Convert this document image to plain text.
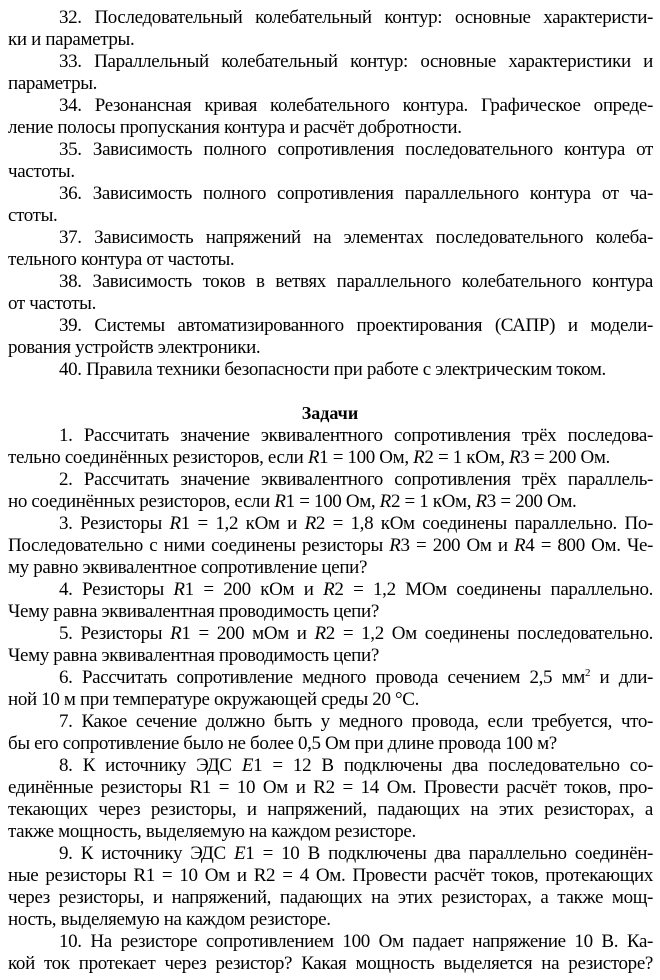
32. Последовательный колебательный контур: основные характеристи-
ки и параметры.
33. Параллельный колебательный контур: основные характеристики и
параметры.
34. Резонансная кривая колебательного контура. Графическое опреде-
ление полосы пропускания контура и расчёт добротности.
35. Зависимость полного сопротивления последовательного контура от
частоты.
36. Зависимость полного сопротивления параллельного контура от ча-
стоты.
37. Зависимость напряжений на элементах последовательного колеба-
тельного контура от частоты.
38. Зависимость токов в ветвях параллельного колебательного контура
от частоты.
39. Системы автоматизированного проектирования (САПР) и модели-
рования устройств электроники.
40. Правила техники безопасности при работе с электрическим током.
Задачи
1. Рассчитать значение эквивалентного сопротивления трёх последова-
тельно соединённых резисторов, если R1 = 100 Ом, R2 = 1 кОм, R3 = 200 Ом.
2. Рассчитать значение эквивалентного сопротивления трёх параллель-
но соединённых резисторов, если R1 = 100 Ом, R2 = 1 кОм, R3 = 200 Ом.
3. Резисторы R1 = 1,2 кОм и R2 = 1,8 кОм соединены параллельно. По-
Последовательно с ними соединены резисторы R3 = 200 Ом и R4 = 800 Ом. Че-
му равно эквивалентное сопротивление цепи?
4. Резисторы R1 = 200 кОм и R2 = 1,2 МОм соединены параллельно.
Чему равна эквивалентная проводимость цепи?
5. Резисторы R1 = 200 мОм и R2 = 1,2 Ом соединены последовательно.
Чему равна эквивалентная проводимость цепи?
6. Рассчитать сопротивление медного провода сечением 2,5 $мм^2$ и дли-
ной 10 м при температуре окружающей среды 20 °С.
7. Какое сечение должно быть у медного провода, если требуется, что-
бы его сопротивление было не более 0,5 Ом при длине провода 100 м?
8. К источнику ЭДС E1 = 12 В подключены два последовательно со-
единённые резисторы R1 = 10 Ом и R2 = 14 Ом. Провести расчёт токов, про-
текающих через резисторы, и напряжений, падающих на этих резисторах, а
также мощность, выделяемую на каждом резисторе.
9. К источнику ЭДС E1 = 10 В подключены два параллельно соединён-
ные резисторы R1 = 10 Ом и R2 = 4 Ом. Провести расчёт токов, протекающих
через резисторы, и напряжений, падающих на этих резисторах, а также мощ-
ность, выделяемую на каждом резисторе.
10. На резисторе сопротивлением 100 Ом падает напряжение 10 В. Ка-
кой ток протекает через резистор? Какая мощность выделяется на резисторе?
